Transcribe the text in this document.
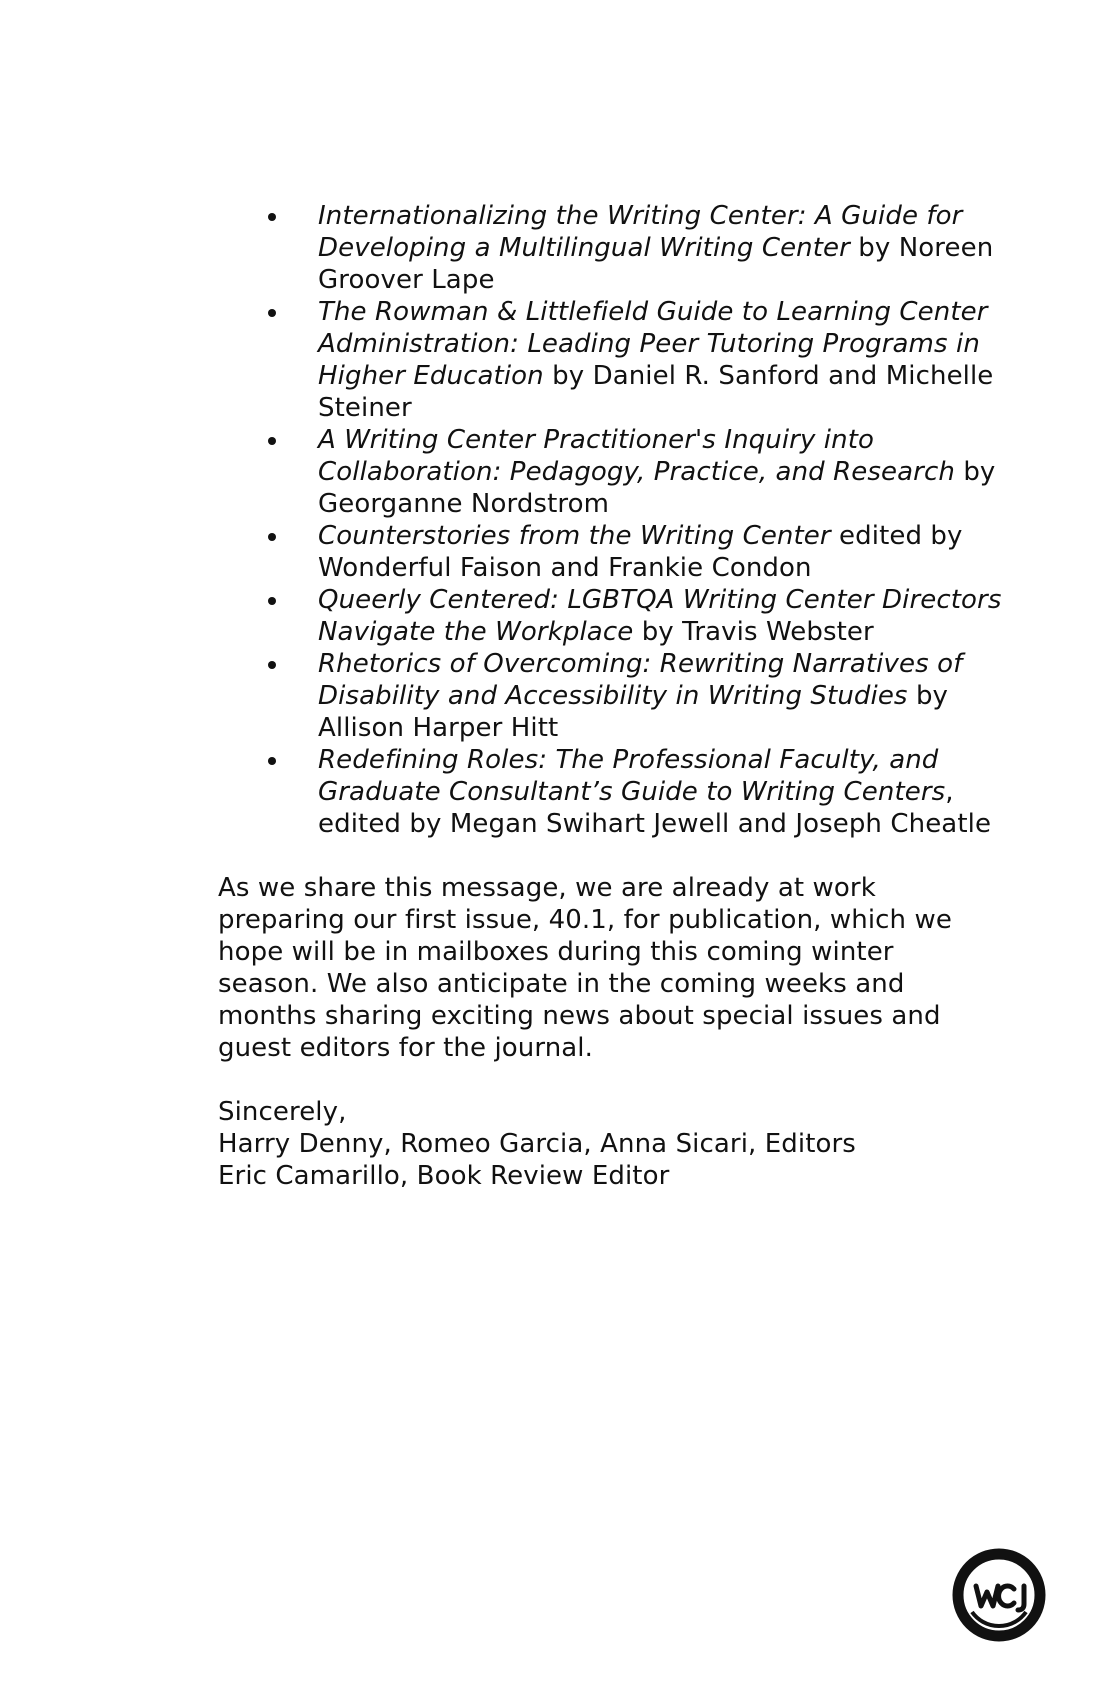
Internationalizing the Writing Center: A Guide for Developing a Multilingual Writing Center by Noreen Groover Lape
The Rowman & Littlefield Guide to Learning Center Administration: Leading Peer Tutoring Programs in Higher Education by Daniel R. Sanford and Michelle Steiner
A Writing Center Practitioner's Inquiry into Collaboration: Pedagogy, Practice, and Research by Georganne Nordstrom
Counterstories from the Writing Center edited by Wonderful Faison and Frankie Condon
Queerly Centered: LGBTQA Writing Center Directors Navigate the Workplace by Travis Webster
Rhetorics of Overcoming: Rewriting Narratives of Disability and Accessibility in Writing Studies by Allison Harper Hitt
Redefining Roles: The Professional Faculty, and Graduate Consultant’s Guide to Writing Centers, edited by Megan Swihart Jewell and Joseph Cheatle

As we share this message, we are already at work preparing our first issue, 40.1, for publication, which we hope will be in mailboxes during this coming winter season. We also anticipate in the coming weeks and months sharing exciting news about special issues and guest editors for the journal.

Sincerely,
Harry Denny, Romeo Garcia, Anna Sicari, Editors
Eric Camarillo, Book Review Editor
